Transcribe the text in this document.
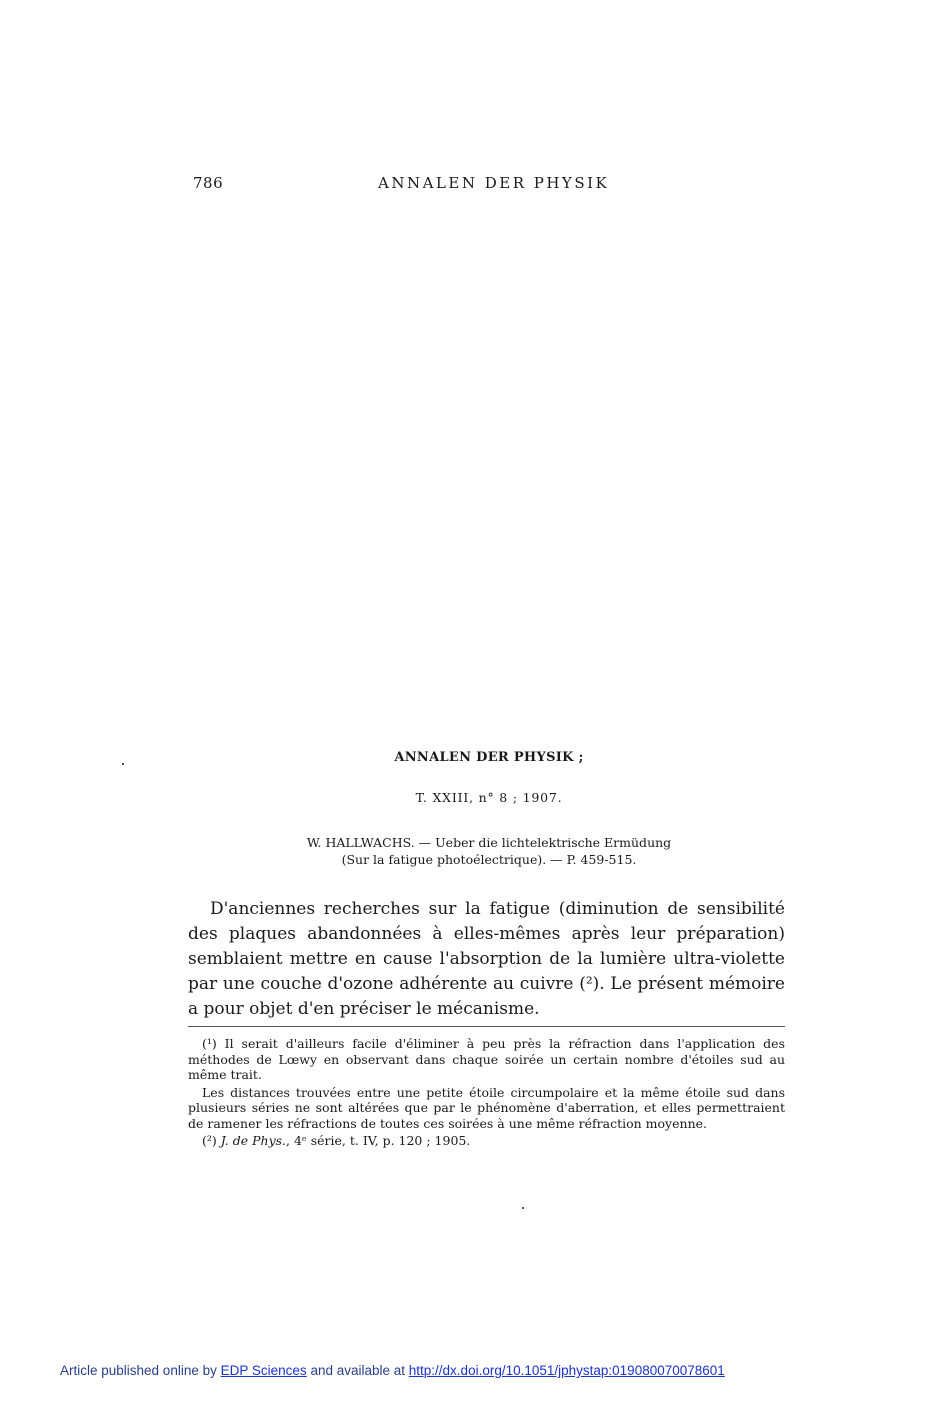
786	ANNALEN DER PHYSIK
ANNALEN DER PHYSIK ;
T. XXIII, n° 8 ; 1907.
W. HALLWACHS. — Ueber die lichtelektrische Ermüdung
(Sur la fatigue photoélectrique). — P. 459-515.
D'anciennes recherches sur la fatigue (diminution de sensibilité des plaques abandonnées à elles-mêmes après leur préparation) semblaient mettre en cause l'absorption de la lumière ultra-violette par une couche d'ozone adhérente au cuivre (²). Le présent mémoire a pour objet d'en préciser le mécanisme.

(¹) Il serait d'ailleurs facile d'éliminer à peu près la réfraction dans l'application des méthodes de Lœwy en observant dans chaque soirée un certain nombre d'étoiles sud au même trait.

Les distances trouvées entre une petite étoile circumpolaire et la même étoile sud dans plusieurs séries ne sont altérées que par le phénomène d'aberration, et elles permettraient de ramener les réfractions de toutes ces soirées à une même réfraction moyenne.

(²) J. de Phys., 4ᵉ série, t. IV, p. 120 ; 1905.

Article published online by EDP Sciences and available at http://dx.doi.org/10.1051/jphystap:019080070078601
